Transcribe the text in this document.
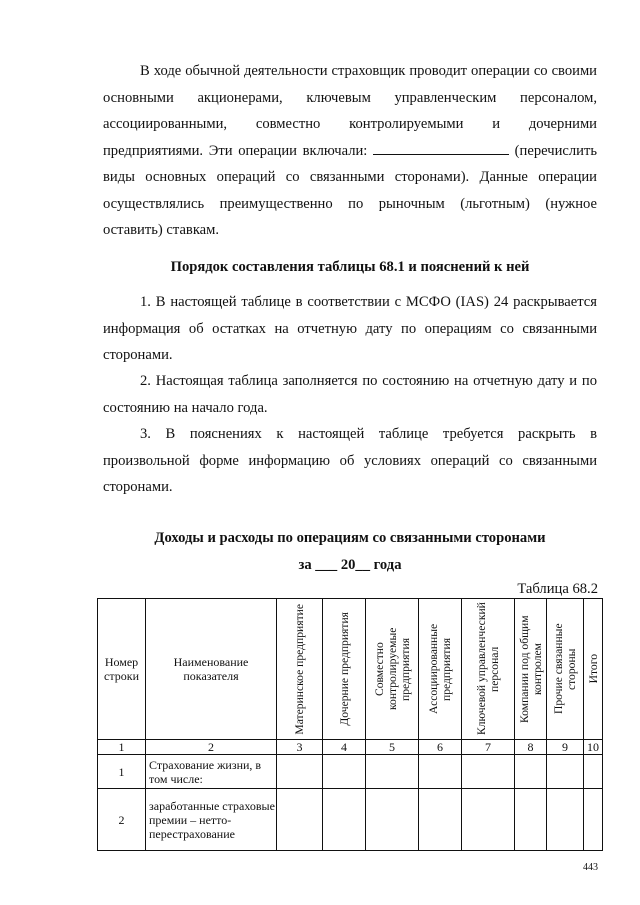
В ходе обычной деятельности страховщик проводит операции со своими основными акционерами, ключевым управленческим персоналом, ассоциированными, совместно контролируемыми и дочерними предприятиями. Эти операции включали:	(перечислить виды основных операций со связанными сторонами). Данные операции осуществлялись преимущественно по рыночным (льготным) (нужное оставить) ставкам.

Порядок составления таблицы 68.1 и пояснений к ней

1. В настоящей таблице в соответствии с МСФО (IAS) 24 раскрывается информация об остатках на отчетную дату по операциям со связанными сторонами.

2. Настоящая таблица заполняется по состоянию на отчетную дату и по состоянию на начало года.

3. В пояснениях к настоящей таблице требуется раскрыть в произвольной форме информацию об условиях операций со связанными сторонами.

Доходы и расходы по операциям со связанными сторонами

за ___ 20__ года

Таблица 68.2
Номер строки	Наименование показателя	Материнское предприятие	Дочерние предприятия	Совместно контролируемые предприятия	Ассоциированные предприятия	Ключевой управленческий персонал	Компании под общим контролем	Прочие связанные стороны	Итого

1	2	3	4	5	6	7	8	9	10
1	Страхование жизни, в том числе:								
2	заработанные страховые премии – нетто-перестрахование								
443
